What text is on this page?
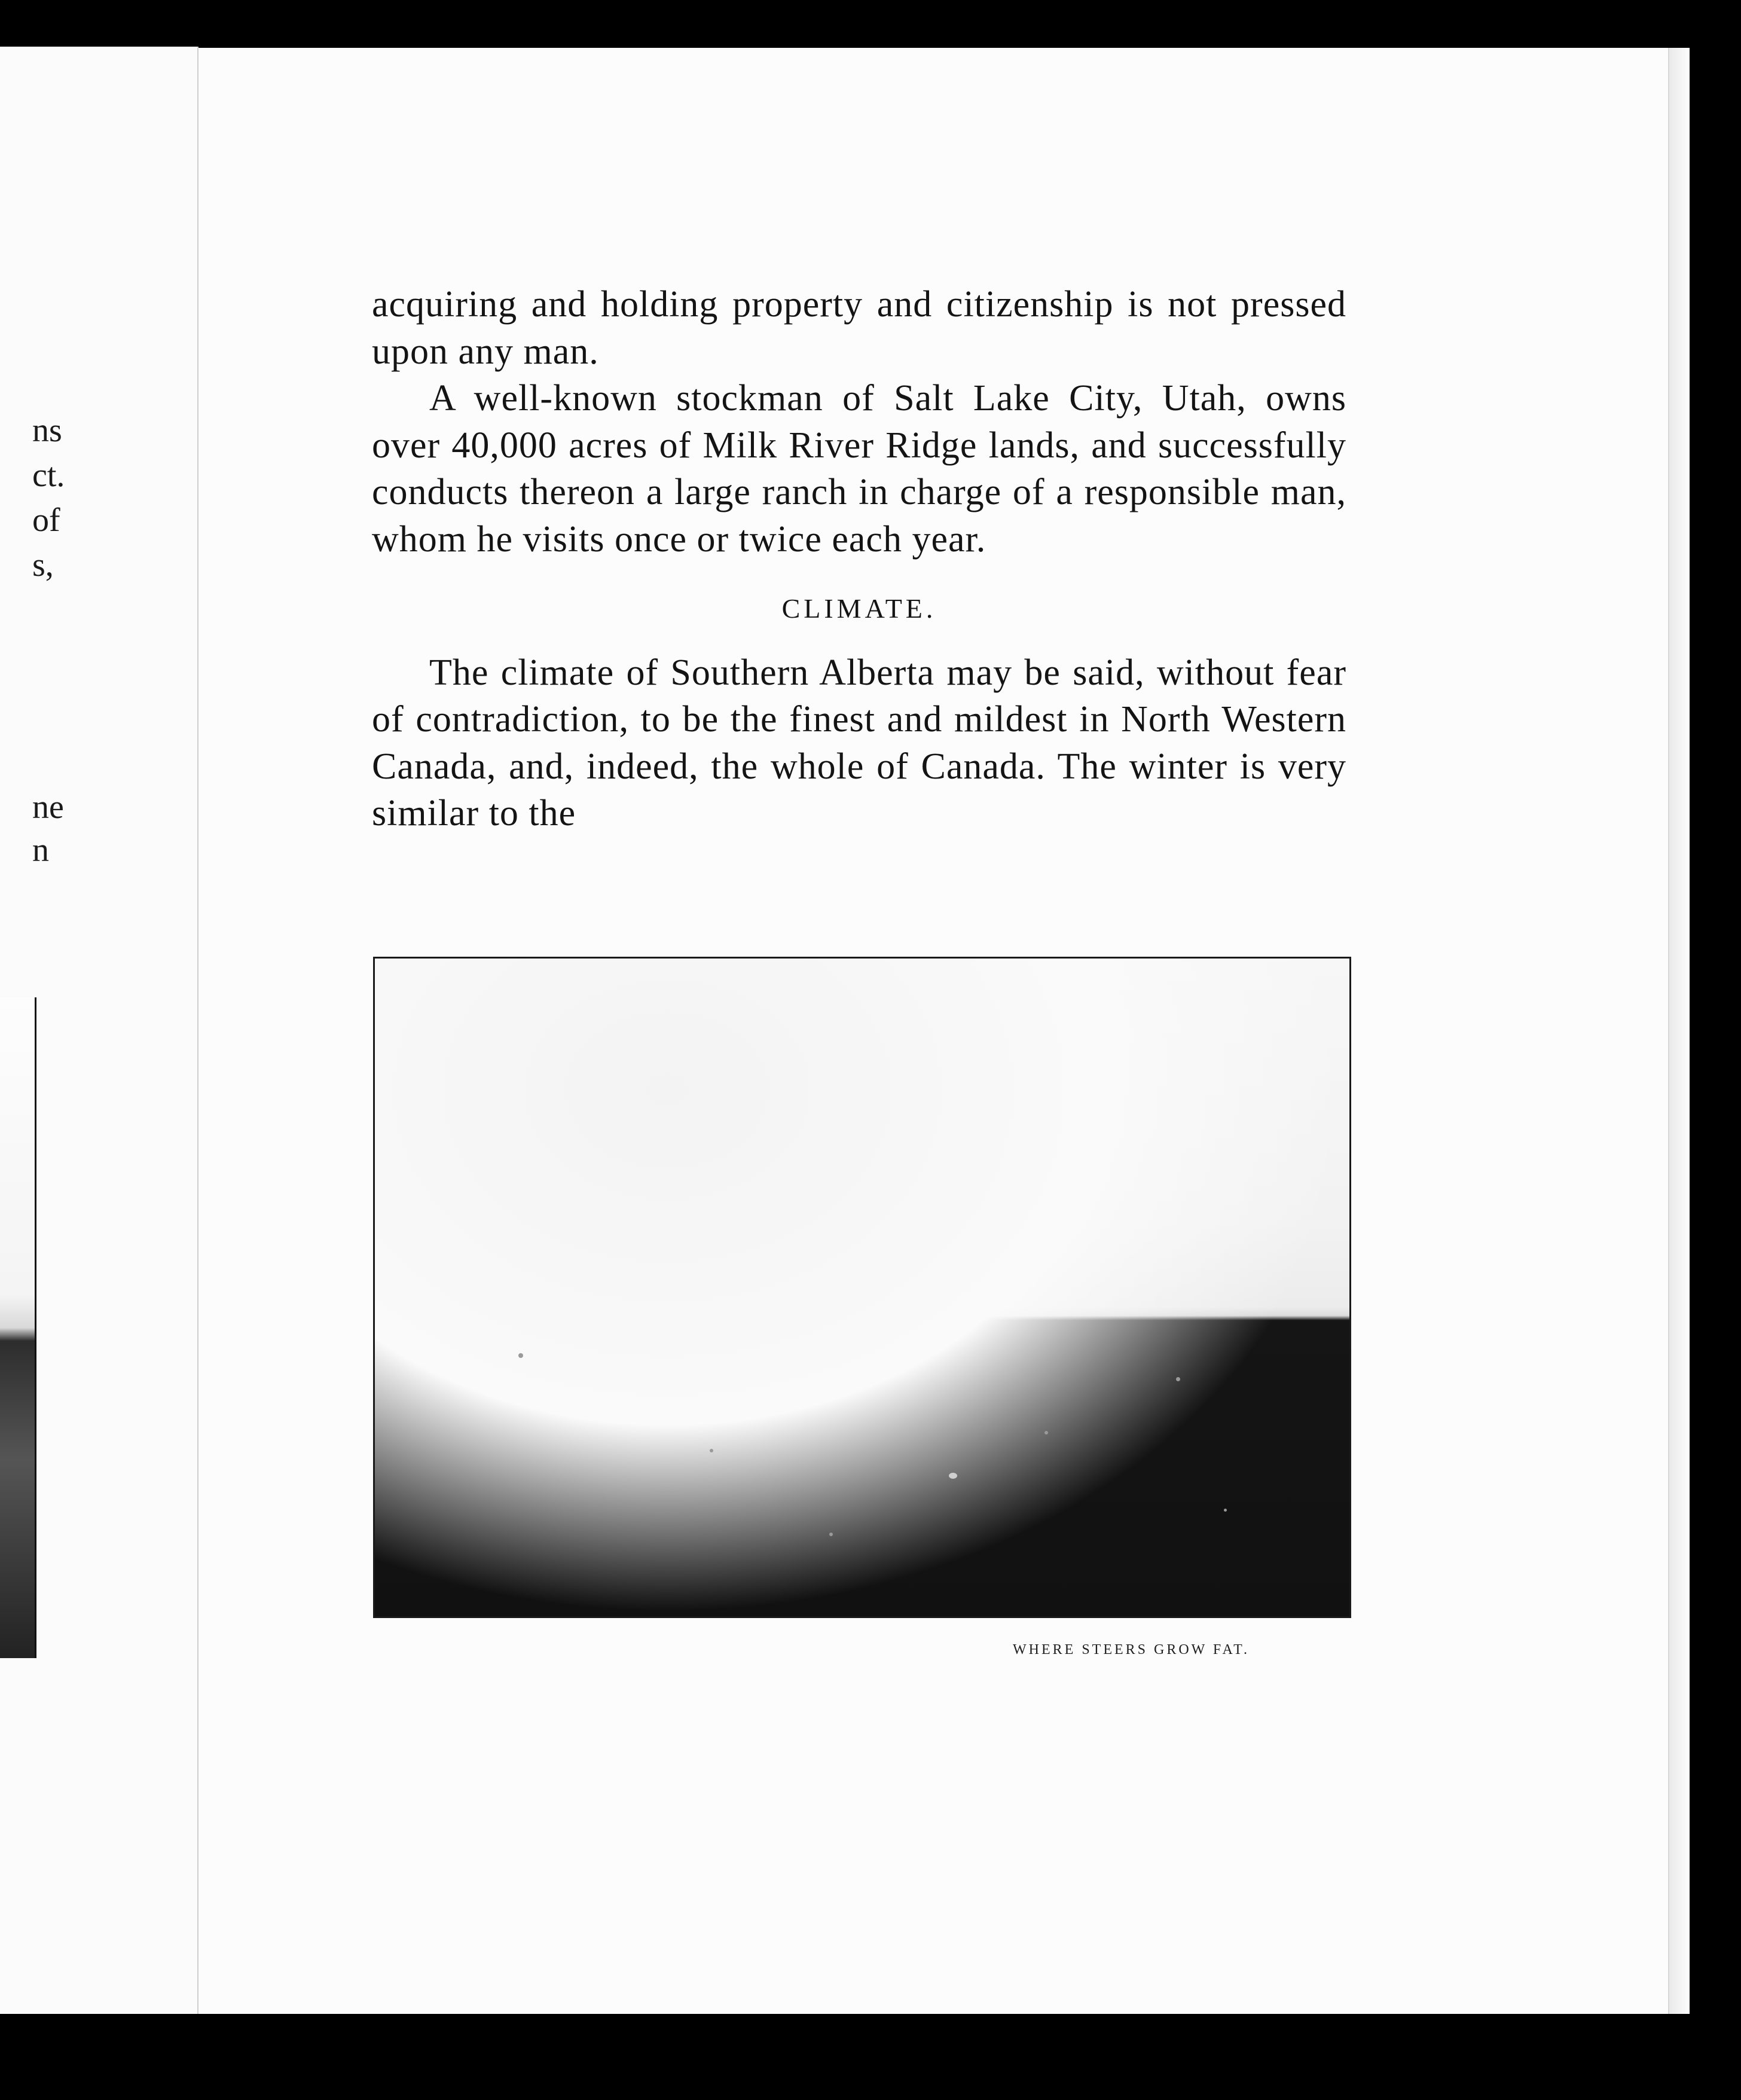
ns
ct.
of
s,
ne
n

acquiring and holding property and citizenship is not pressed upon any man.

A well-known stockman of Salt Lake City, Utah, owns over 40,000 acres of Milk River Ridge lands, and successfully conducts thereon a large ranch in charge of a responsible man, whom he visits once or twice each year.

CLIMATE.

The climate of Southern Alberta may be said, without fear of contradiction, to be the finest and mildest in North Western Canada, and, indeed, the whole of Canada. The winter is very similar to the

WHERE STEERS GROW FAT.
